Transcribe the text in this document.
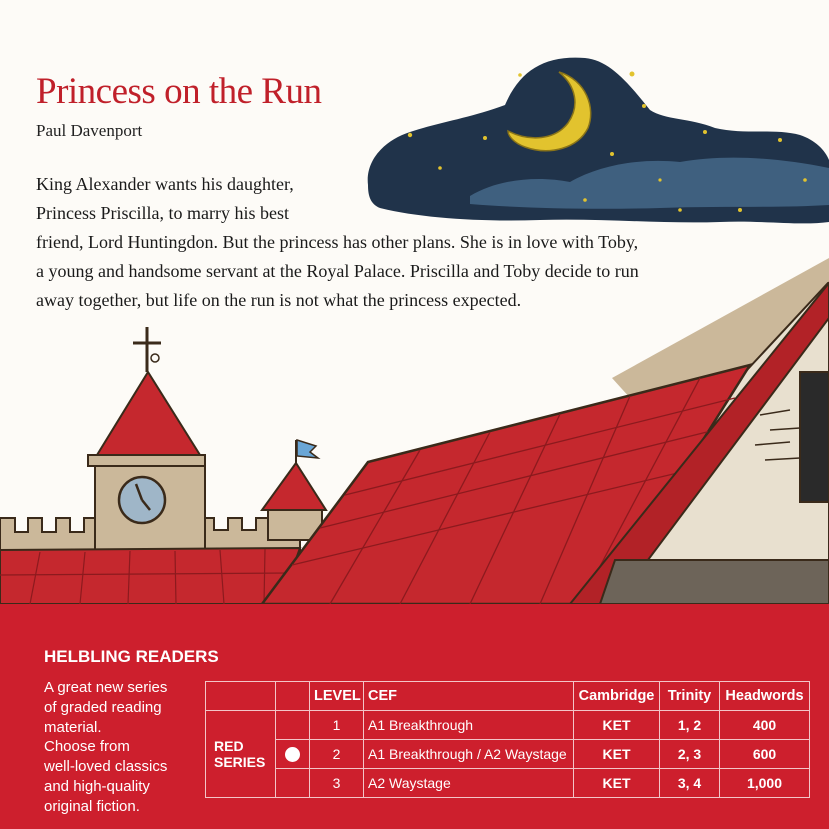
Princess on the Run
Paul Davenport
King Alexander wants his daughter,
Princess Priscilla, to marry his best
friend, Lord Huntingdon. But the princess has other plans. She is in love with Toby,
a young and handsome servant at the Royal Palace. Priscilla and Toby decide to run
away together, but life on the run is not what the princess expected.
HELBLING READERS
A great new series
of graded reading
material.
Choose from
well-loved classics
and high-quality
original fiction.
		LEVEL	CEF	Cambridge	Trinity	Headwords

RED
SERIES		1	A1 Breakthrough	KET	1, 2	400
		2	A1 Breakthrough / A2 Waystage	KET	2, 3	600
		3	A2 Waystage	KET	3, 4	1,000
